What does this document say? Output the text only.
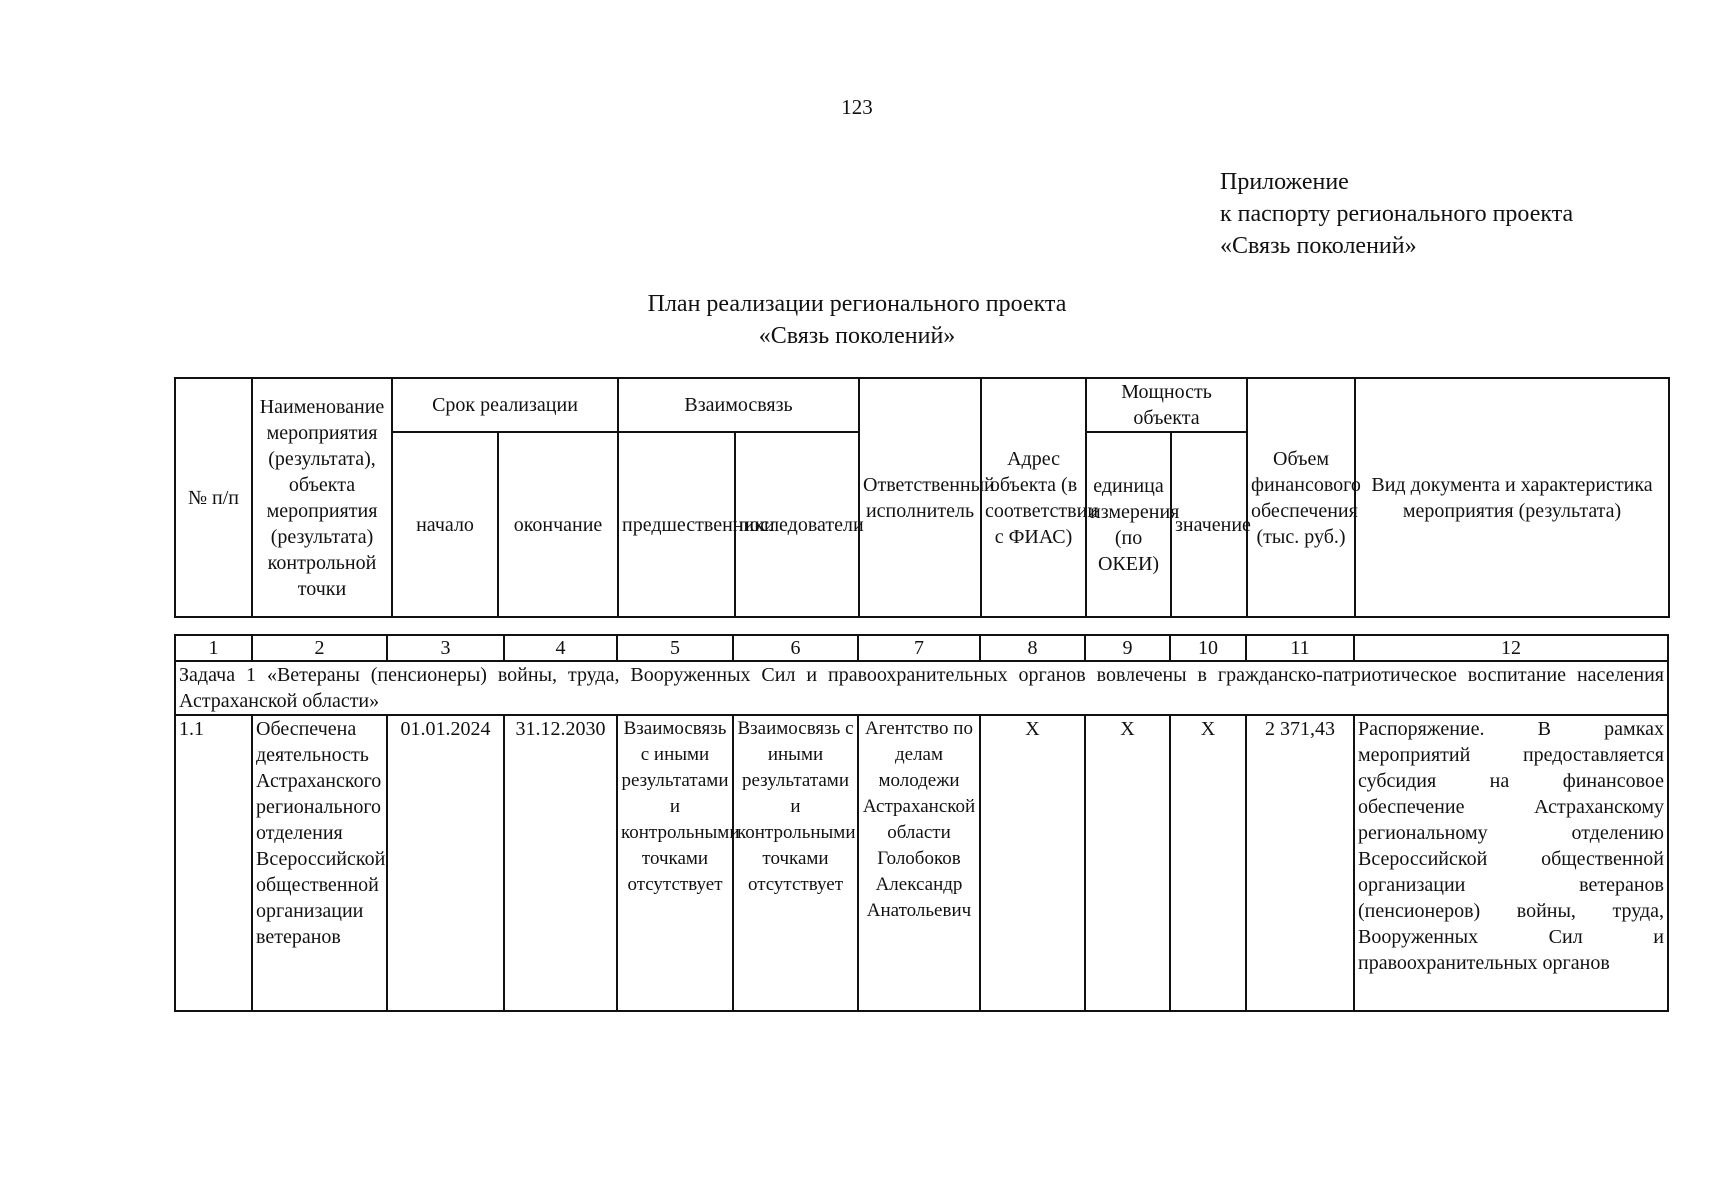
123
Приложение
к паспорту регионального проекта
«Связь поколений»
План реализации регионального проекта
«Связь поколений»
№ п/п	Наименование мероприятия (результата), объекта мероприятия (результата) контрольной точки	Срок реализации		Взаимосвязь		Ответственный исполнитель	Адрес объекта (в соответствии с ФИАС)	Мощность объекта		Объем финансового обеспечения (тыс. руб.)	Вид документа и характеристика мероприятия (результата)
		начало	окончание	предшественники	последователи			единица измерения (по ОКЕИ)	значение		
1	2	3	4	5	6	7	8	9	10	11	12
Задача 1 «Ветераны (пенсионеры) войны, труда, Вооруженных Сил и правоохранительных органов вовлечены в гражданско-патриотическое воспитание населения Астраханской области»											
1.1	Обеспечена деятельность Астраханского регионального отделения Всероссийской общественной организации ветеранов	01.01.2024	31.12.2030	Взаимосвязь с иными результатами и контрольными точками отсутствует	Взаимосвязь с иными результатами и контрольными точками отсутствует	Агентство по делам молодежи Астраханской области Голобоков Александр Анатольевич	X	X	X	2 371,43	Распоряжение. В рамках мероприятий предоставляется субсидия на финансовое обеспечение Астраханскому региональному отделению Всероссийской общественной организации ветеранов (пенсионеров) войны, труда, Вооруженных Сил и правоохранительных органов
